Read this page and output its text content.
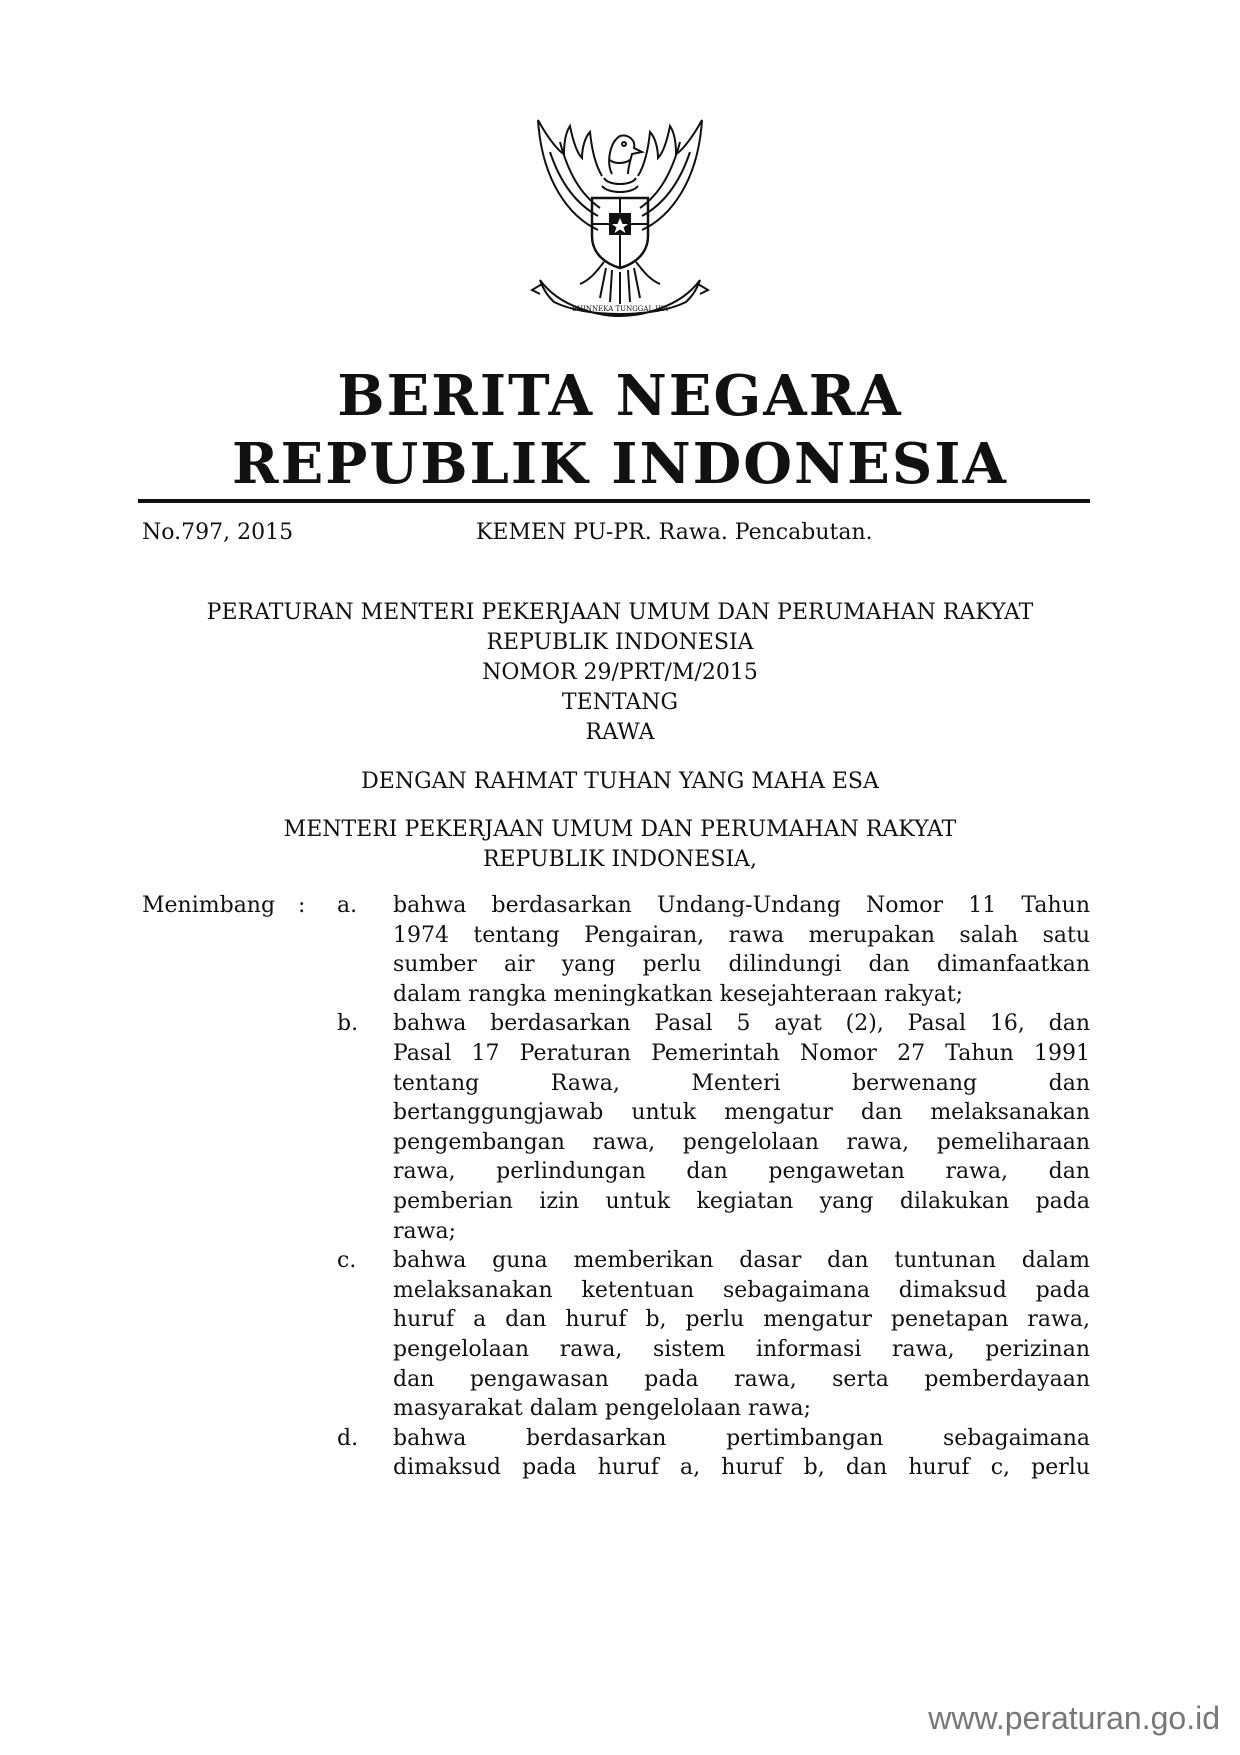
BHINNEKA TUNGGAL IKA
BERITA NEGARA
REPUBLIK INDONESIA
No.797, 2015	KEMEN PU-PR. Rawa. Pencabutan.
PERATURAN MENTERI PEKERJAAN UMUM DAN PERUMAHAN RAKYAT
REPUBLIK INDONESIA
NOMOR 29/PRT/M/2015
TENTANG
RAWA
DENGAN RAHMAT TUHAN YANG MAHA ESA
MENTERI PEKERJAAN UMUM DAN PERUMAHAN RAKYAT
REPUBLIK INDONESIA,
Menimbang : a. bahwa berdasarkan Undang-Undang Nomor 11 Tahun
1974 tentang Pengairan, rawa merupakan salah satu
sumber air yang perlu dilindungi dan dimanfaatkan
dalam rangka meningkatkan kesejahteraan rakyat;
b. bahwa berdasarkan Pasal 5 ayat (2), Pasal 16, dan
Pasal 17 Peraturan Pemerintah Nomor 27 Tahun 1991
tentang Rawa, Menteri berwenang dan
bertanggungjawab untuk mengatur dan melaksanakan
pengembangan rawa, pengelolaan rawa, pemeliharaan
rawa, perlindungan dan pengawetan rawa, dan
pemberian izin untuk kegiatan yang dilakukan pada
rawa;
c. bahwa guna memberikan dasar dan tuntunan dalam
melaksanakan ketentuan sebagaimana dimaksud pada
huruf a dan huruf b, perlu mengatur penetapan rawa,
pengelolaan rawa, sistem informasi rawa, perizinan
dan pengawasan pada rawa, serta pemberdayaan
masyarakat dalam pengelolaan rawa;
d. bahwa berdasarkan pertimbangan sebagaimana
dimaksud pada huruf a, huruf b, dan huruf c, perlu
www.peraturan.go.id
